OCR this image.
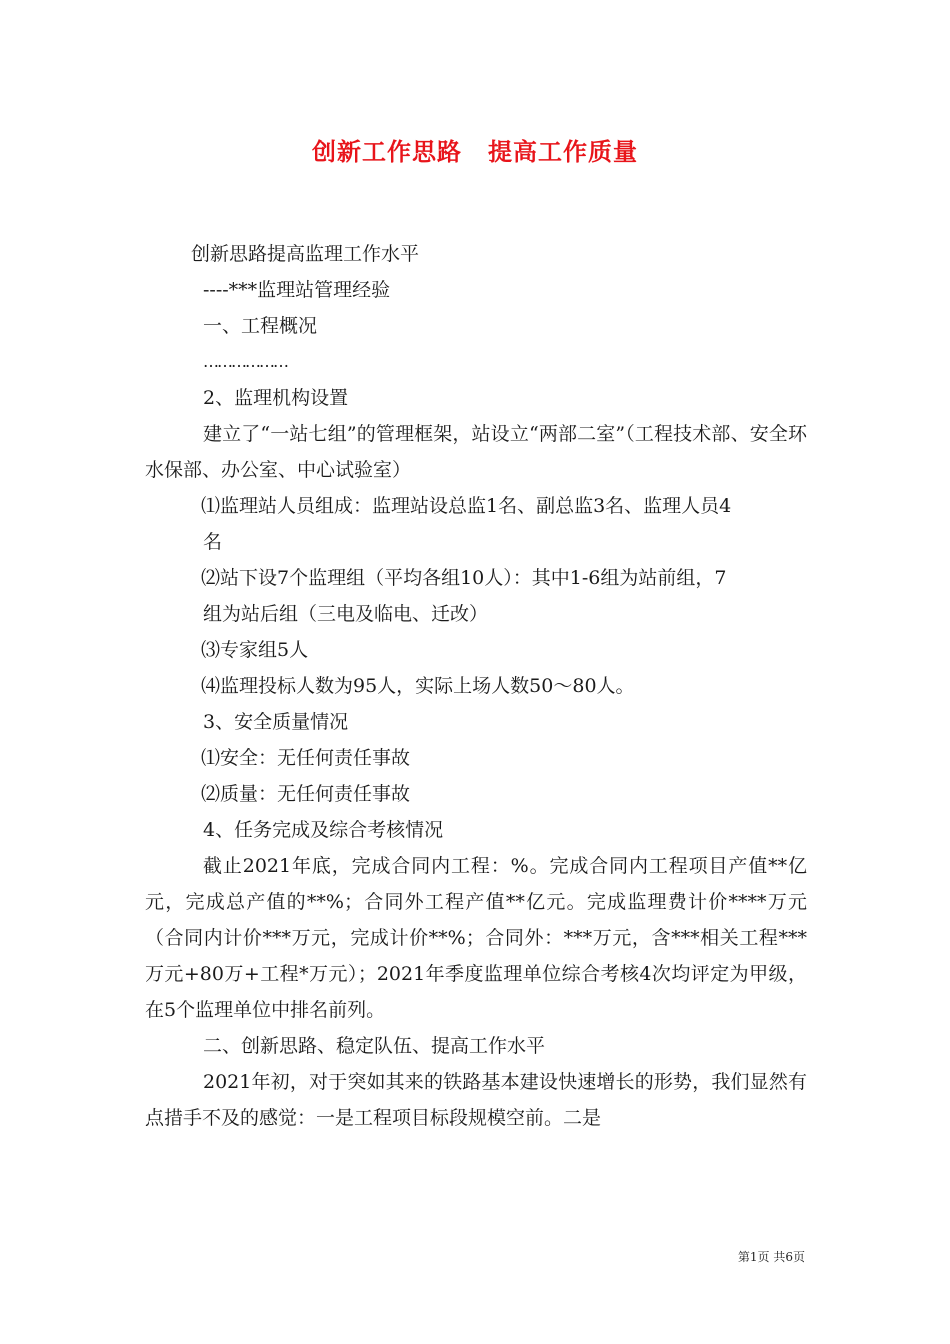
创新工作思路 提高工作质量

创新思路提高监理工作水平

----***监理站管理经验

一、工程概况

………………

2、监理机构设置

建立了“一站七组”的管理框架，站设立“两部二室”（工程技术部、安全环水保部、办公室、中心试验室）

⑴监理站人员组成：监理站设总监1名、副总监3名、监理人员4

名

⑵站下设7个监理组（平均各组10人）：其中1-6组为站前组，7

组为站后组（三电及临电、迁改）

⑶专家组5人

⑷监理投标人数为95人，实际上场人数50～80人。

3、安全质量情况

⑴安全：无任何责任事故

⑵质量：无任何责任事故

4、任务完成及综合考核情况

截止2021年底，完成合同内工程：%。完成合同内工程项目产值**亿元，完成总产值的**%；合同外工程产值**亿元。完成监理费计价****万元（合同内计价***万元，完成计价**%；合同外：***万元，含***相关工程***万元+80万+工程*万元）；2021年季度监理单位综合考核4次均评定为甲级，在5个监理单位中排名前列。

二、创新思路、稳定队伍、提高工作水平

2021年初，对于突如其来的铁路基本建设快速增长的形势，我们显然有点措手不及的感觉：一是工程项目标段规模空前。二是

第1页 共6页
